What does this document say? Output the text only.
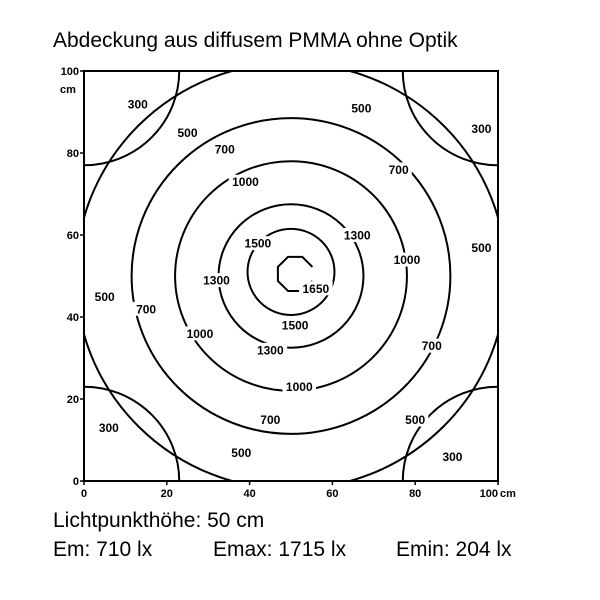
Abdeckung aus diffusem PMMA ohne Optik
300
300
300
300
500
500
500
500
500
500
700
700
700
700
700
1000
1000
1000
1000
1300
1300
1300
1500
1500
1650
0	20	40	60	80	100
0
20
40
60
80
100
cm
cm
Lichtpunkthöhe: 50 cm
Em: 710 lx	Emax: 1715 lx Emin: 204 lx
